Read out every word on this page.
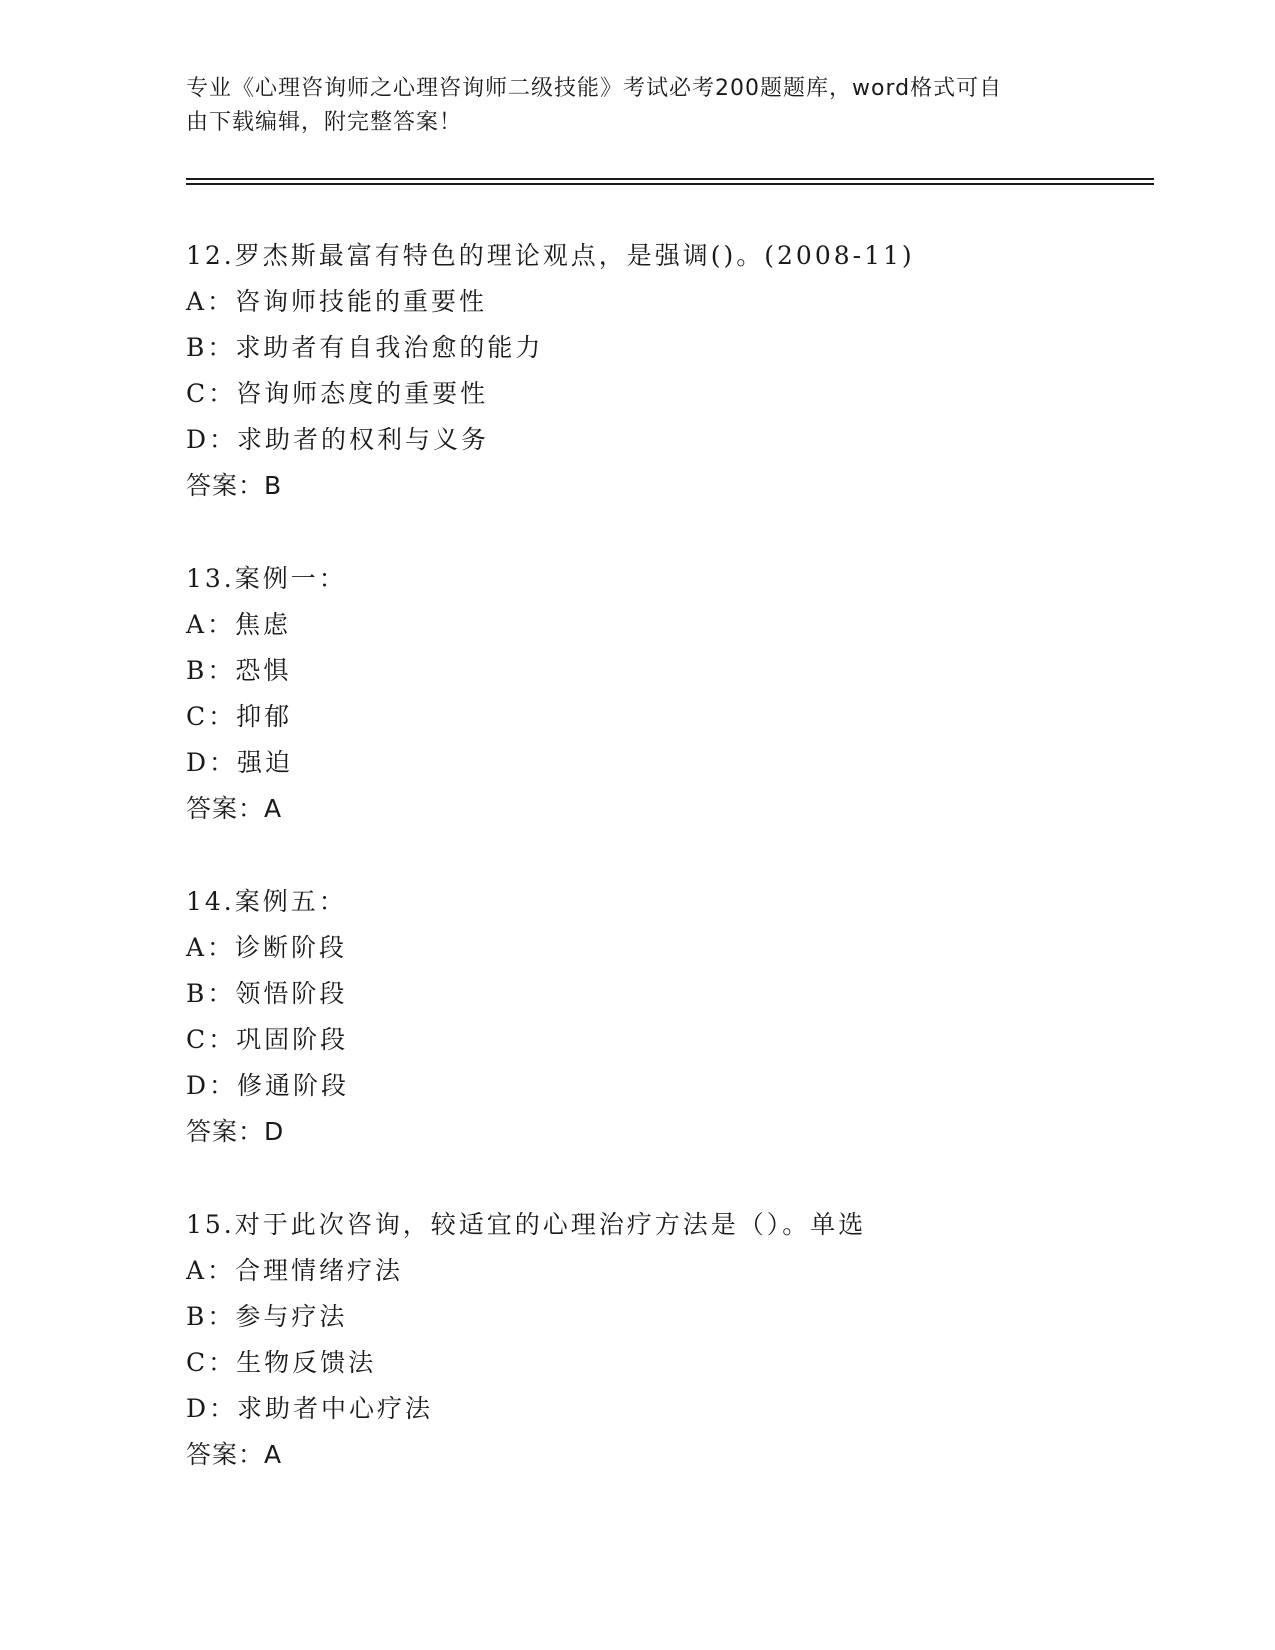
专业《心理咨询师之心理咨询师二级技能》考试必考200题题库，word格式可自
由下载编辑，附完整答案！
12.罗杰斯最富有特色的理论观点，是强调()。(2008-11)
A：咨询师技能的重要性
B：求助者有自我治愈的能力
C：咨询师态度的重要性
D：求助者的权利与义务
答案：B
13.案例一：
A：焦虑
B：恐惧
C：抑郁
D：强迫
答案：A
14.案例五：
A：诊断阶段
B：领悟阶段
C：巩固阶段
D：修通阶段
答案：D
15.对于此次咨询，较适宜的心理治疗方法是（）。单选
A：合理情绪疗法
B：参与疗法
C：生物反馈法
D：求助者中心疗法
答案：A
